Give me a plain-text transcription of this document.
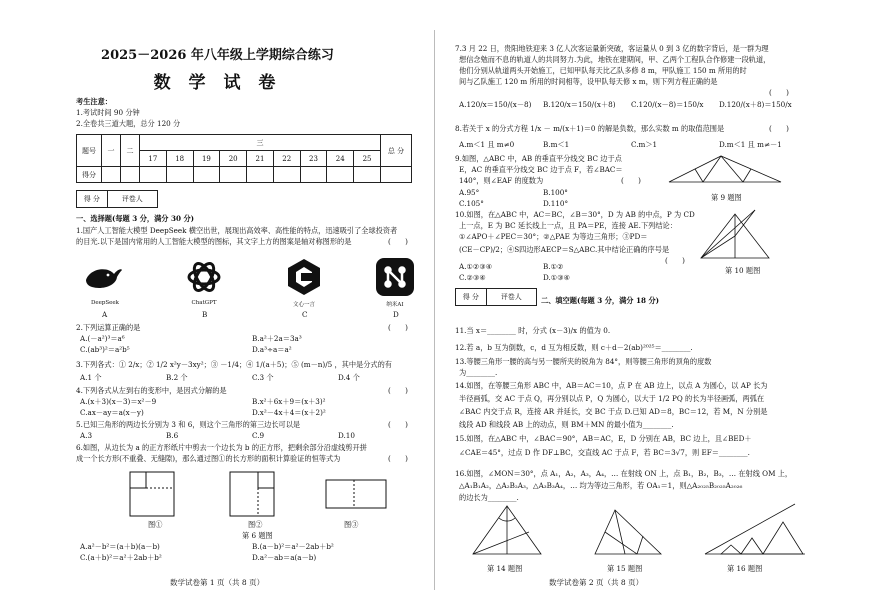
2025－2026 年八年级上学期综合练习
数 学 试 卷
考生注意：
1.考试时间 90 分钟
2.全卷共三道大题，总分 120 分
题号	一	二	三									总 分
			17	18	19	20	21	22	23	24	25	
得分												
得 分	评卷人
一、选择题(每题 3 分，满分 30 分)
1.国产人工智能大模型 DeepSeek 横空出世，展现出高效率、高性能的特点，迅速吸引了全球投资者
的目光.以下是国内常用的人工智能大模型的图标，其文字上方的图案是轴对称图形的是	(　　)
DeepSeek	ChatGPT	文心一言	纳米AI
A	B	C	D
2.下列运算正确的是	(　　)
A.(－a²)³＝a⁶	B.a²＋2a＝3a³
C.(ab³)²＝a²b⁵	D.a³÷a＝a²
3.下列各式：① 2/x；② 1/2 x²y－3xy²；③ －1/4；④ 1/(a＋5)；⑤ (m－n)/5 ，其中是分式的有
A.1 个	B.2 个	C.3 个	D.4 个
4.下列各式从左到右的变形中，是因式分解的是	(　　)
A.(x＋3)(x－3)＝x²－9	B.x²＋6x＋9＝(x＋3)²
C.ax－ay＝a(x－y)	D.x²－4x＋4＝(x＋2)²
5.已知三角形的两边长分别为 3 和 6，则这个三角形的第三边长可以是	(　　)
A.3	B.6	C.9	D.10
6.如图，从边长为 a 的正方形纸片中剪去一个边长为 b 的正方形，把剩余部分沿虚线剪开拼
成一个长方形(不重叠、无缝隙)，那么通过图①的长方形的面积计算验证的恒等式为	(　　)
图①	图②	图③
第 6 题图
A.a²－b²＝(a＋b)(a－b)	B.(a－b)²＝a²－2ab＋b²
C.(a＋b)²＝a²＋2ab＋b²	D.a²－ab＝a(a－b)
数学试卷第 1 页（共 8 页）
7.3 月 22 日，贵阳地铁迎来 3 亿人次客运量新突破，客运量从 0 到 3 亿的数字背后，是一群为理
想信念勉而不息的轨道人的共同努力.为此，地铁在建期间，甲、乙两个工程队合作修建一段轨道，
他们分别从轨道两头开始施工，已知甲队每天比乙队多修 8 m，甲队施工 150 m 所用的时
间与乙队施工 120 m 所用的时间相等，设甲队每天修 x m，则下列方程正确的是
(　　)
A.120/x＝150/(x－8) B.120/x＝150/(x＋8) C.120/(x－8)＝150/x D.120/(x＋8)＝150/x
8.若关于 x 的分式方程 1/x － m/(x＋1)＝0 的解是负数，那么实数 m 的取值范围是	(　　)
A.m＜1 且 m≠0	B.m＜1	C.m＞1	D.m＜1 且 m≠－1
9.如图，△ABC 中，AB 的垂直平分线交 BC 边于点
E，AC 的垂直平分线交 BC 边于点 F，若∠BAC＝
140°，则∠EAF 的度数为	(　　)
A.95°	B.100°
C.105°	D.110°
第 9 题图
10.如图，在△ABC 中，AC＝BC，∠B＝30°，D 为 AB 的中点，P 为 CD
上一点，E 为 BC 延长线上一点，且 PA＝PE，连接 AE.下列结论：
①∠APO＋∠PEC＝30°；②△PAE 为等边三角形；③PD＝
(CE－CP)/2；④S四边形AECP＝S△ABC.其中结论正确的序号是
(　　)
A.①②③④	B.①②
C.②③④	D.①③④
第 10 题图
得 分	评卷人	二、填空题(每题 3 分，满分 18 分)
11.当 x＝________ 时，分式 (x－3)/x 的值为 0.
12.若 a，b 互为倒数，c，d 互为相反数，则 c＋d－2(ab)²⁰²⁵＝________.
13.等腰三角形一腰的高与另一腰所夹的锐角为 84°，则等腰三角形的顶角的度数
为________.
14.如图，在等腰三角形 ABC 中，AB＝AC＝10，点 P 在 AB 边上，以点 A 为圆心，以 AP 长为
半径画弧，交 AC 于点 Q，再分别以点 P，Q 为圆心，以大于 1/2 PQ 的长为半径画弧，两弧在
∠BAC 内交于点 R，连接 AR 并延长，交 BC 于点 D.已知 AD＝8，BC＝12，若 M，N 分别是
线段 AD 和线段 AB 上的动点，则 BM＋MN 的最小值为________.
15.如图，在△ABC 中，∠BAC＝90°，AB＝AC，E，D 分别在 AB，BC 边上，且∠BED＋
∠CAE＝45°，过点 D 作 DF⊥BC，交直线 AC 于点 F，若 BC＝3√7，则 EF＝________.
16.如图，∠MON＝30°，点 A₁，A₂，A₃，A₄，… 在射线 ON 上，点 B₁，B₂，B₃，… 在射线 OM 上，
△A₁B₁A₂，△A₂B₂A₃，△A₃B₃A₄，… 均为等边三角形，若 OA₁＝1，则△A₂₀₂₅B₂₀₂₅A₂₀₂₆
的边长为________.
第 14 题图	第 15 题图	第 16 题图
数学试卷第 2 页（共 8 页）
